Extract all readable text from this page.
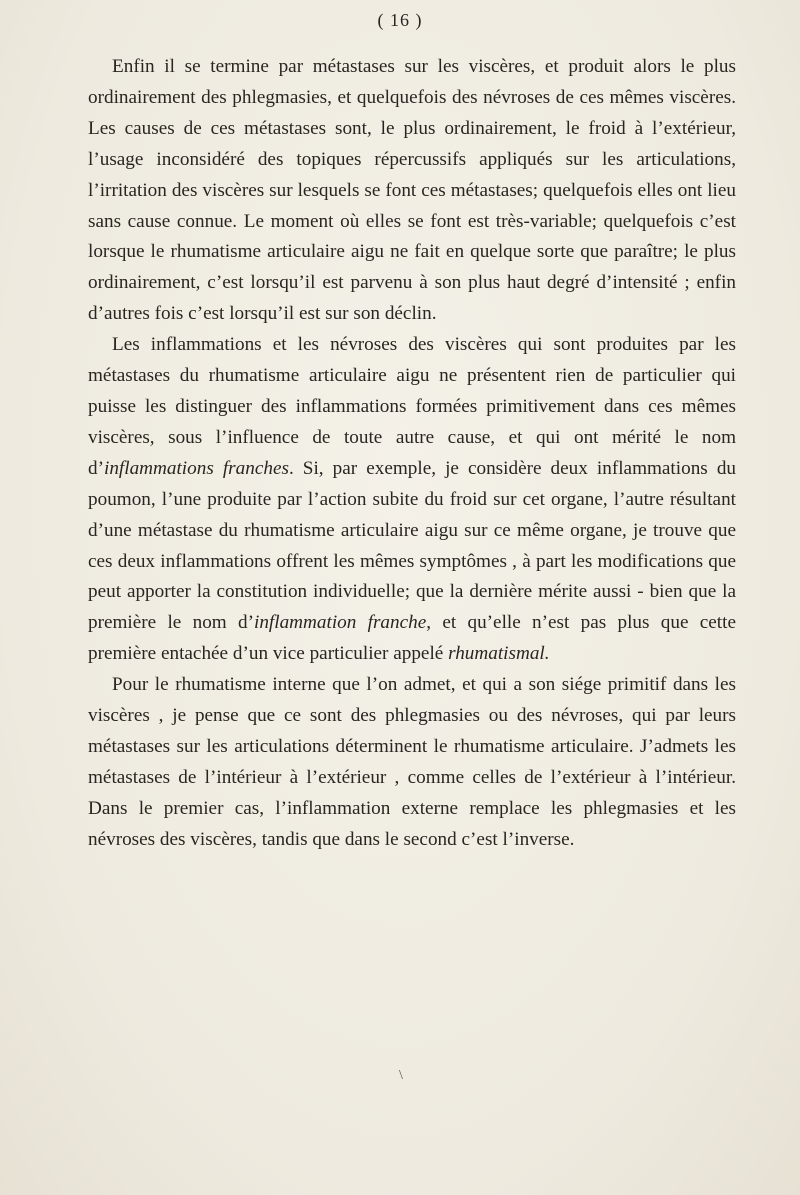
( 16 )

Enfin il se termine par métastases sur les viscères, et produit alors le plus ordinairement des phlegmasies, et quelquefois des névroses de ces mêmes viscères. Les causes de ces métastases sont, le plus ordinairement, le froid à l’extérieur, l’usage inconsidéré des topiques répercussifs appliqués sur les articulations, l’irritation des viscères sur lesquels se font ces métastases; quelquefois elles ont lieu sans cause connue. Le moment où elles se font est très-variable; quelquefois c’est lorsque le rhumatisme articulaire aigu ne fait en quelque sorte que paraître; le plus ordinairement, c’est lorsqu’il est parvenu à son plus haut degré d’intensité ; enfin d’autres fois c’est lorsqu’il est sur son déclin.

Les inflammations et les névroses des viscères qui sont produites par les métastases du rhumatisme articulaire aigu ne présentent rien de particulier qui puisse les distinguer des inflammations formées primitivement dans ces mêmes viscères, sous l’influence de toute autre cause, et qui ont mérité le nom d’inflammations franches. Si, par exemple, je considère deux inflammations du poumon, l’une produite par l’action subite du froid sur cet organe, l’autre résultant d’une métastase du rhumatisme articulaire aigu sur ce même organe, je trouve que ces deux inflammations offrent les mêmes symptômes , à part les modifications que peut apporter la constitution individuelle; que la dernière mérite aussi - bien que la première le nom d’inflammation franche, et qu’elle n’est pas plus que cette première entachée d’un vice particulier appelé rhumatismal.

Pour le rhumatisme interne que l’on admet, et qui a son siége primitif dans les viscères , je pense que ce sont des phlegmasies ou des névroses, qui par leurs métastases sur les articulations déterminent le rhumatisme articulaire. J’admets les métastases de l’intérieur à l’extérieur , comme celles de l’extérieur à l’intérieur. Dans le premier cas, l’inflammation externe remplace les phlegmasies et les névroses des viscères, tandis que dans le second c’est l’inverse.

\
